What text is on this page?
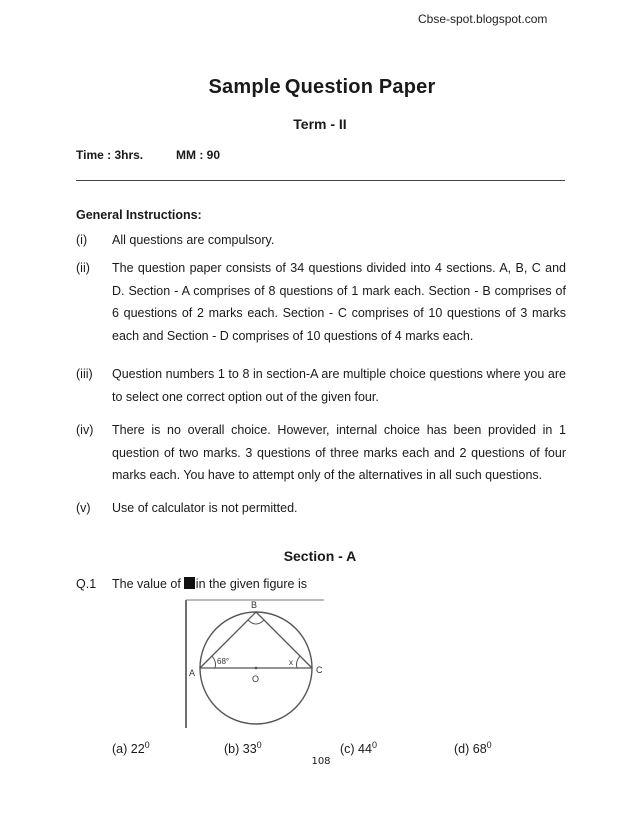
Cbse-spot.blogspot.com
Sample Question Paper
Term - II
Time : 3hrs.	MM : 90
General Instructions:
(i) All questions are compulsory.
(ii) The question paper consists of 34 questions divided into 4 sections. A, B, C and D. Section - A comprises of 8 questions of 1 mark each. Section - B comprises of 6 questions of 2 marks each. Section - C comprises of 10 questions of 3 marks each and Section - D comprises of 10 questions of 4 marks each.
(iii) Question numbers 1 to 8 in section-A are multiple choice questions where you are to select one correct option out of the given four.
(iv) There is no overall choice. However, internal choice has been provided in 1 question of two marks. 3 questions of three marks each and 2 questions of four marks each. You have to attempt only of the alternatives in all such questions.
(v) Use of calculator is not permitted.
Section - A
Q.1 The value of in the given figure is
B
A	C
O
68°	x
(a) $22^0$	(b) $33^0$	(c) $44^0$	(d) $68^0$
108
